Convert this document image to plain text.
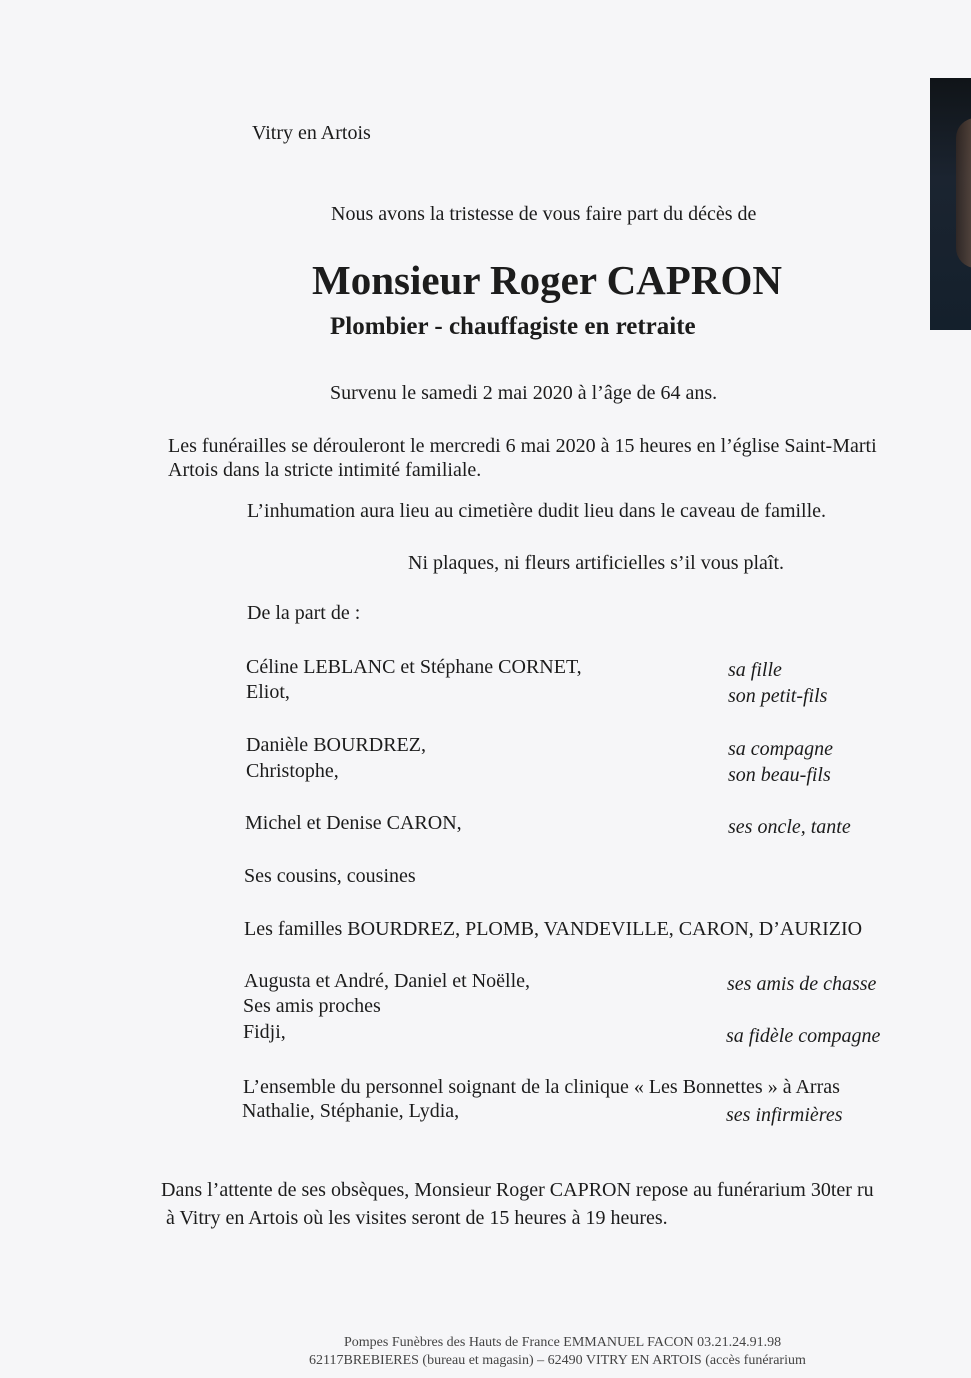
Vitry en Artois
Nous avons la tristesse de vous faire part du décès de
Monsieur Roger CAPRON
Plombier - chauffagiste en retraite
Survenu le samedi 2 mai 2020 à l’âge de 64 ans.
Les funérailles se dérouleront le mercredi 6 mai 2020 à 15 heures en l’église Saint-Marti
Artois dans la stricte intimité familiale.
L’inhumation aura lieu au cimetière dudit lieu dans le caveau de famille.
Ni plaques, ni fleurs artificielles s’il vous plaît.
De la part de :
Céline LEBLANC et Stéphane CORNET,	sa fille
Eliot,	son petit-fils
Danièle BOURDREZ,	sa compagne
Christophe,	son beau-fils
Michel et Denise CARON,	ses oncle, tante
Ses cousins, cousines
Les familles BOURDREZ, PLOMB, VANDEVILLE, CARON, D’AURIZIO
Augusta et André, Daniel et Noëlle,	ses amis de chasse
Ses amis proches
Fidji,	sa fidèle compagne
L’ensemble du personnel soignant de la clinique « Les Bonnettes » à Arras
Nathalie, Stéphanie, Lydia,	ses infirmières
Dans l’attente de ses obsèques, Monsieur Roger CAPRON repose au funérarium 30ter ru
à Vitry en Artois où les visites seront de 15 heures à 19 heures.
Pompes Funèbres des Hauts de France EMMANUEL FACON 03.21.24.91.98
62117BREBIERES (bureau et magasin) – 62490 VITRY EN ARTOIS (accès funérarium
